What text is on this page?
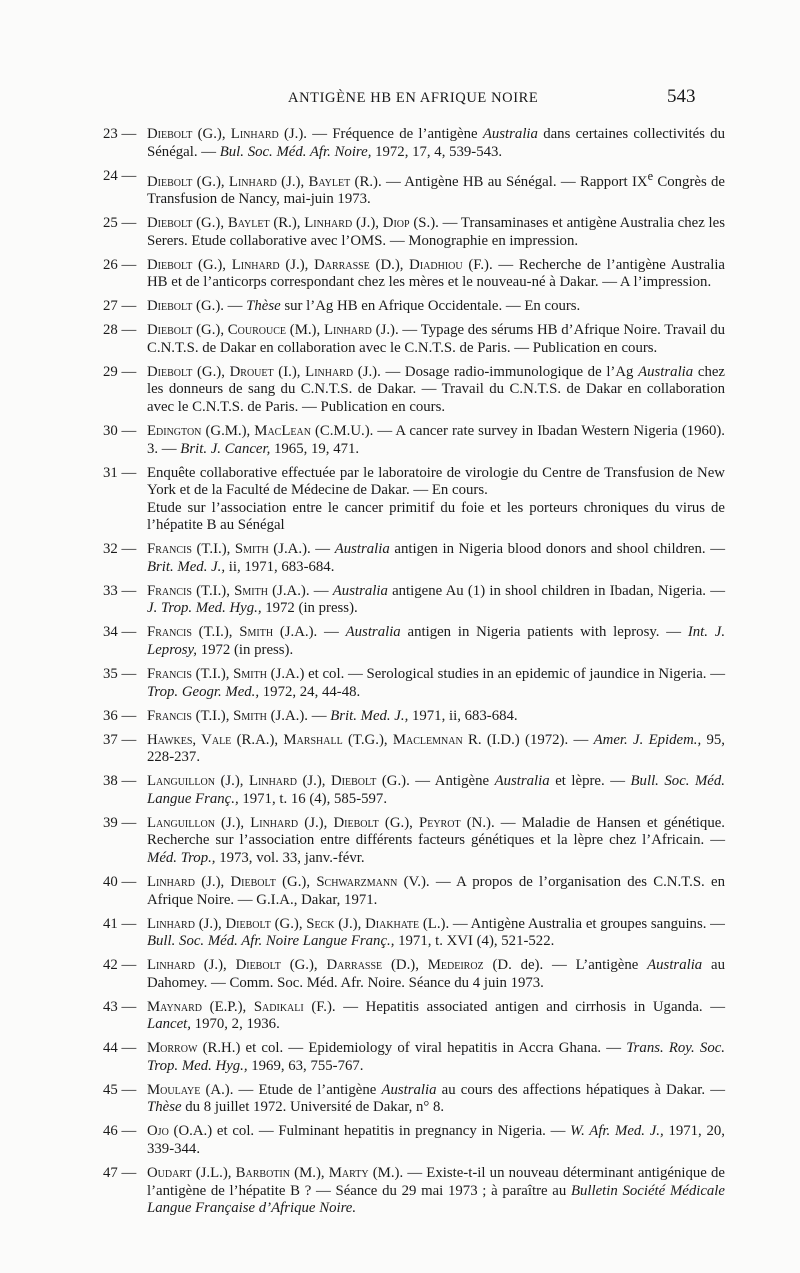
ANTIGÈNE HB EN AFRIQUE NOIRE	543
23 — Diebolt (G.), Linhard (J.). — Fréquence de l’antigène Australia dans certaines collectivités du Sénégal. — Bul. Soc. Méd. Afr. Noire, 1972, 17, 4, 539-543.
24 — Diebolt (G.), Linhard (J.), Baylet (R.). — Antigène HB au Sénégal. — Rapport IXe Congrès de Transfusion de Nancy, mai-juin 1973.
25 — Diebolt (G.), Baylet (R.), Linhard (J.), Diop (S.). — Transaminases et antigène Australia chez les Serers. Etude collaborative avec l’OMS. — Monographie en impression.
26 — Diebolt (G.), Linhard (J.), Darrasse (D.), Diadhiou (F.). — Recherche de l’antigène Australia HB et de l’anticorps correspondant chez les mères et le nouveau-né à Dakar. — A l’impression.
27 — Diebolt (G.). — Thèse sur l’Ag HB en Afrique Occidentale. — En cours.
28 — Diebolt (G.), Courouce (M.), Linhard (J.). — Typage des sérums HB d’Afrique Noire. Travail du C.N.T.S. de Dakar en collaboration avec le C.N.T.S. de Paris. — Publication en cours.
29 — Diebolt (G.), Drouet (I.), Linhard (J.). — Dosage radio-immunologique de l’Ag Australia chez les donneurs de sang du C.N.T.S. de Dakar. — Travail du C.N.T.S. de Dakar en collaboration avec le C.N.T.S. de Paris. — Publication en cours.
30 — Edington (G.M.), MacLean (C.M.U.). — A cancer rate survey in Ibadan Western Nigeria (1960). 3. — Brit. J. Cancer, 1965, 19, 471.
31 — Enquête collaborative effectuée par le laboratoire de virologie du Centre de Transfusion de New York et de la Faculté de Médecine de Dakar. — En cours.
Etude sur l’association entre le cancer primitif du foie et les porteurs chroniques du virus de l’hépatite B au Sénégal
32 — Francis (T.I.), Smith (J.A.). — Australia antigen in Nigeria blood donors and shool children. — Brit. Med. J., ii, 1971, 683-684.
33 — Francis (T.I.), Smith (J.A.). — Australia antigene Au (1) in shool children in Ibadan, Nigeria. — J. Trop. Med. Hyg., 1972 (in press).
34 — Francis (T.I.), Smith (J.A.). — Australia antigen in Nigeria patients with leprosy. — Int. J. Leprosy, 1972 (in press).
35 — Francis (T.I.), Smith (J.A.) et col. — Serological studies in an epidemic of jaundice in Nigeria. — Trop. Geogr. Med., 1972, 24, 44-48.
36 — Francis (T.I.), Smith (J.A.). — Brit. Med. J., 1971, ii, 683-684.
37 — Hawkes, Vale (R.A.), Marshall (T.G.), Maclemnan R. (I.D.) (1972). — Amer. J. Epidem., 95, 228-237.
38 — Languillon (J.), Linhard (J.), Diebolt (G.). — Antigène Australia et lèpre. — Bull. Soc. Méd. Langue Franç., 1971, t. 16 (4), 585-597.
39 — Languillon (J.), Linhard (J.), Diebolt (G.), Peyrot (N.). — Maladie de Hansen et génétique. Recherche sur l’association entre différents facteurs génétiques et la lèpre chez l’Africain. — Méd. Trop., 1973, vol. 33, janv.-févr.
40 — Linhard (J.), Diebolt (G.), Schwarzmann (V.). — A propos de l’organisation des C.N.T.S. en Afrique Noire. — G.I.A., Dakar, 1971.
41 — Linhard (J.), Diebolt (G.), Seck (J.), Diakhate (L.). — Antigène Australia et groupes sanguins. — Bull. Soc. Méd. Afr. Noire Langue Franç., 1971, t. XVI (4), 521-522.
42 — Linhard (J.), Diebolt (G.), Darrasse (D.), Medeiroz (D. de). — L’antigène Australia au Dahomey. — Comm. Soc. Méd. Afr. Noire. Séance du 4 juin 1973.
43 — Maynard (E.P.), Sadikali (F.). — Hepatitis associated antigen and cirrhosis in Uganda. — Lancet, 1970, 2, 1936.
44 — Morrow (R.H.) et col. — Epidemiology of viral hepatitis in Accra Ghana. — Trans. Roy. Soc. Trop. Med. Hyg., 1969, 63, 755-767.
45 — Moulaye (A.). — Etude de l’antigène Australia au cours des affections hépatiques à Dakar. — Thèse du 8 juillet 1972. Université de Dakar, n° 8.
46 — Ojo (O.A.) et col. — Fulminant hepatitis in pregnancy in Nigeria. — W. Afr. Med. J., 1971, 20, 339-344.
47 — Oudart (J.L.), Barbotin (M.), Marty (M.). — Existe-t-il un nouveau déterminant antigénique de l’antigène de l’hépatite B ? — Séance du 29 mai 1973 ; à paraître au Bulletin Société Médicale Langue Française d’Afrique Noire.
